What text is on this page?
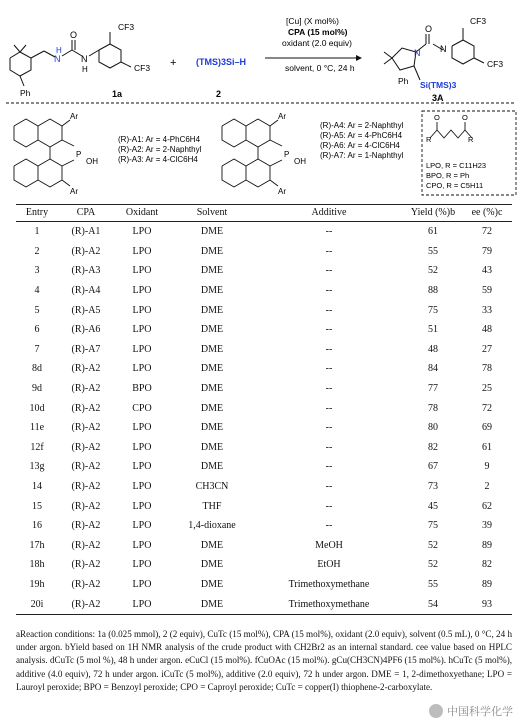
CF3
CF3
N
H
N
H
O
Ph	1a
+ (TMS)3Si–H
2
[Cu] (X mol%)
CPA (15 mol%)
oxidant (2.0 equiv)
solvent, 0 °C, 24 h
CF3
CF3
N N
O
Ph Si(TMS)3
3A
Ar
Ar
P
OH
Ar
Ar
P
OH
(R)-A1: Ar = 4-PhC6H4
(R)-A2: Ar = 2-Naphthyl
(R)-A3: Ar = 4-ClC6H4
(R)-A4: Ar = 2-Naphthyl
(R)-A5: Ar = 4-PhC6H4
(R)-A6: Ar = 4-ClC6H4
(R)-A7: Ar = 1-Naphthyl
R	R
O	O
LPO, R = C11H23
BPO, R = Ph
CPO, R = C5H11
Entry	CPA	Oxidant	Solvent	Additive	Yield (%)b	ee (%)c
1	(R)-A1	LPO	DME	--	61	72
2	(R)-A2	LPO	DME	--	55	79
3	(R)-A3	LPO	DME	--	52	43
4	(R)-A4	LPO	DME	--	88	59
5	(R)-A5	LPO	DME	--	75	33
6	(R)-A6	LPO	DME	--	51	48
7	(R)-A7	LPO	DME	--	48	27
8d	(R)-A2	LPO	DME	--	84	78
9d	(R)-A2	BPO	DME	--	77	25
10d	(R)-A2	CPO	DME	--	78	72
11e	(R)-A2	LPO	DME	--	80	69
12f	(R)-A2	LPO	DME	--	82	61
13g	(R)-A2	LPO	DME	--	67	9
14	(R)-A2	LPO	CH3CN	--	73	2
15	(R)-A2	LPO	THF	--	45	62
16	(R)-A2	LPO	1,4-dioxane	--	75	39
17h	(R)-A2	LPO	DME	MeOH	52	89
18h	(R)-A2	LPO	DME	EtOH	52	82
19h	(R)-A2	LPO	DME	Trimethoxymethane	55	89
20i	(R)-A2	LPO	DME	Trimethoxymethane	54	93

aReaction conditions: 1a (0.025 mmol), 2 (2 equiv), CuTc (15 mol%), CPA (15 mol%), oxidant (2.0 equiv), solvent (0.5 mL), 0 °C, 24 h under argon. bYield based on 1H NMR analysis of the crude product with CH2Br2 as an internal standard. cee value based on HPLC analysis. dCuTc (5 mol %), 48 h under argon. eCuCl (15 mol%). fCuOAc (15 mol%). gCu(CH3CN)4PF6 (15 mol%). hCuTc (5 mol%), additive (4.0 equiv), 72 h under argon. iCuTc (5 mol%), additive (2.0 equiv), 72 h under argon. DME = 1, 2-dimethoxyethane; LPO = Lauroyl peroxide; BPO = Benzoyl peroxide; CPO = Caproyl peroxide; CuTc = copper(I) thiophene-2-carboxylate.

中国科学化学
